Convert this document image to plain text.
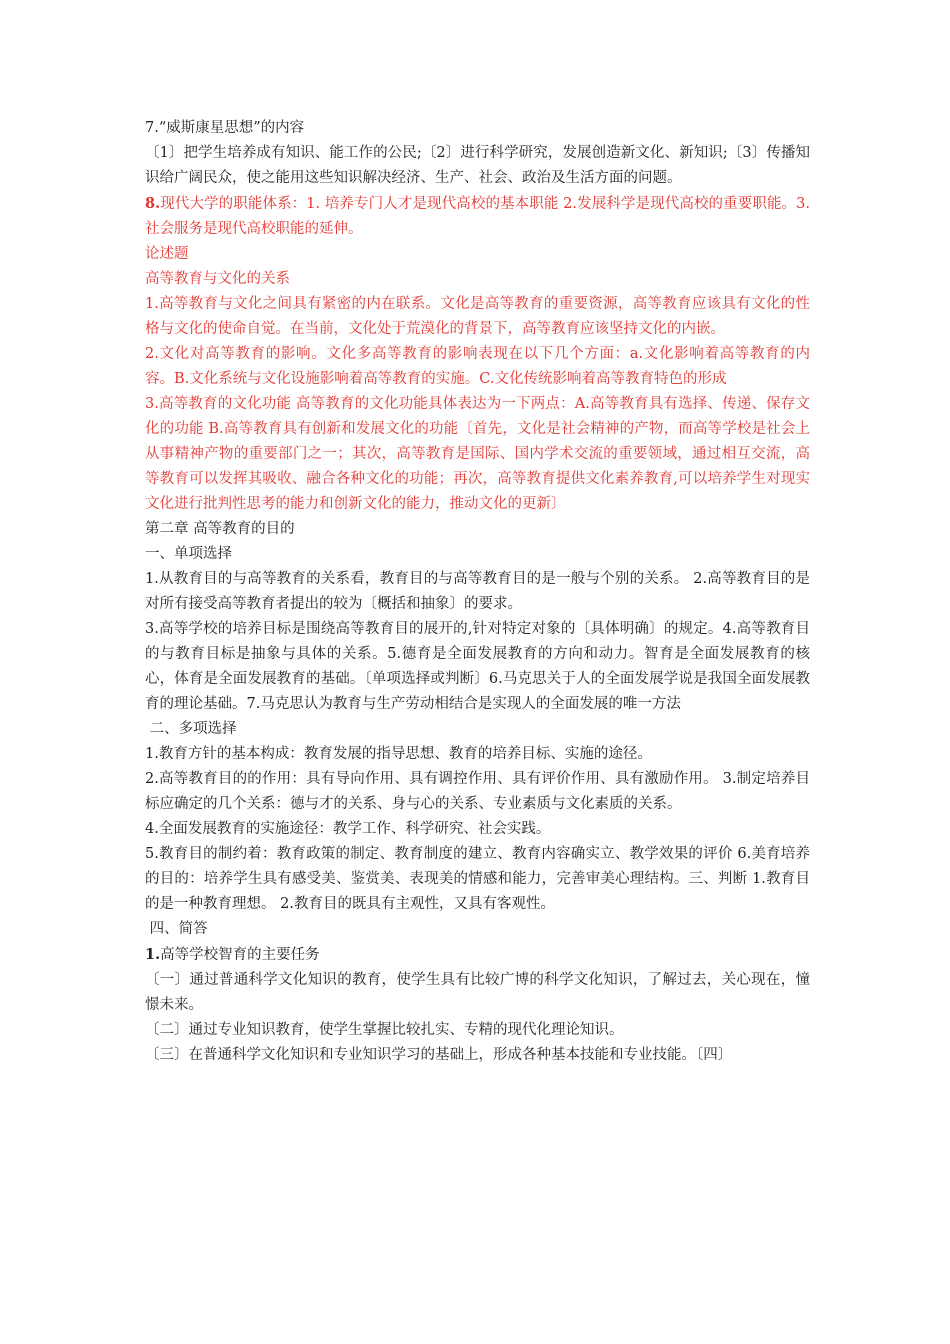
7.“威斯康星思想”的内容

〔1〕把学生培养成有知识、能工作的公民;〔2〕进行科学研究，发展创造新文化、新知识;〔3〕传播知识给广阔民众，使之能用这些知识解决经济、生产、社会、政治及生活方面的问题。

8.现代大学的职能体系：1. 培养专门人才是现代高校的基本职能 2.发展科学是现代高校的重要职能。3.社会服务是现代高校职能的延伸。

论述题

高等教育与文化的关系

1.高等教育与文化之间具有紧密的内在联系。文化是高等教育的重要资源，高等教育应该具有文化的性格与文化的使命自觉。在当前，文化处于荒漠化的背景下，高等教育应该坚持文化的内嵌。

2.文化对高等教育的影响。文化多高等教育的影响表现在以下几个方面：a.文化影响着高等教育的内容。B.文化系统与文化设施影响着高等教育的实施。C.文化传统影响着高等教育特色的形成

3.高等教育的文化功能 高等教育的文化功能具体表达为一下两点：A.高等教育具有选择、传递、保存文化的功能 B.高等教育具有创新和发展文化的功能〔首先，文化是社会精神的产物，而高等学校是社会上从事精神产物的重要部门之一；其次，高等教育是国际、国内学术交流的重要领域，通过相互交流，高等教育可以发挥其吸收、融合各种文化的功能；再次，高等教育提供文化素养教育,可以培养学生对现实文化进行批判性思考的能力和创新文化的能力，推动文化的更新〕

第二章 高等教育的目的

一、单项选择

1.从教育目的与高等教育的关系看，教育目的与高等教育目的是一般与个别的关系。 2.高等教育目的是对所有接受高等教育者提出的较为〔概括和抽象〕的要求。

3.高等学校的培养目标是围绕高等教育目的展开的,针对特定对象的〔具体明确〕的规定。4.高等教育目的与教育目标是抽象与具体的关系。5.德育是全面发展教育的方向和动力。智育是全面发展教育的核心，体育是全面发展教育的基础。〔单项选择或判断〕6.马克思关于人的全面发展学说是我国全面发展教育的理论基础。7.马克思认为教育与生产劳动相结合是实现人的全面发展的唯一方法

二、多项选择

1.教育方针的基本构成：教育发展的指导思想、教育的培养目标、实施的途径。

2.高等教育目的的作用：具有导向作用、具有调控作用、具有评价作用、具有激励作用。 3.制定培养目标应确定的几个关系：德与才的关系、身与心的关系、专业素质与文化素质的关系。

4.全面发展教育的实施途径：教学工作、科学研究、社会实践。

5.教育目的制约着：教育政策的制定、教育制度的建立、教育内容确实立、教学效果的评价 6.美育培养的目的：培养学生具有感受美、鉴赏美、表现美的情感和能力，完善审美心理结构。三、判断 1.教育目的是一种教育理想。 2.教育目的既具有主观性，又具有客观性。

四、简答

1.高等学校智育的主要任务

〔一〕通过普通科学文化知识的教育，使学生具有比较广博的科学文化知识，了解过去，关心现在，憧憬未来。

〔二〕通过专业知识教育，使学生掌握比较扎实、专精的现代化理论知识。

〔三〕在普通科学文化知识和专业知识学习的基础上，形成各种基本技能和专业技能。〔四〕
